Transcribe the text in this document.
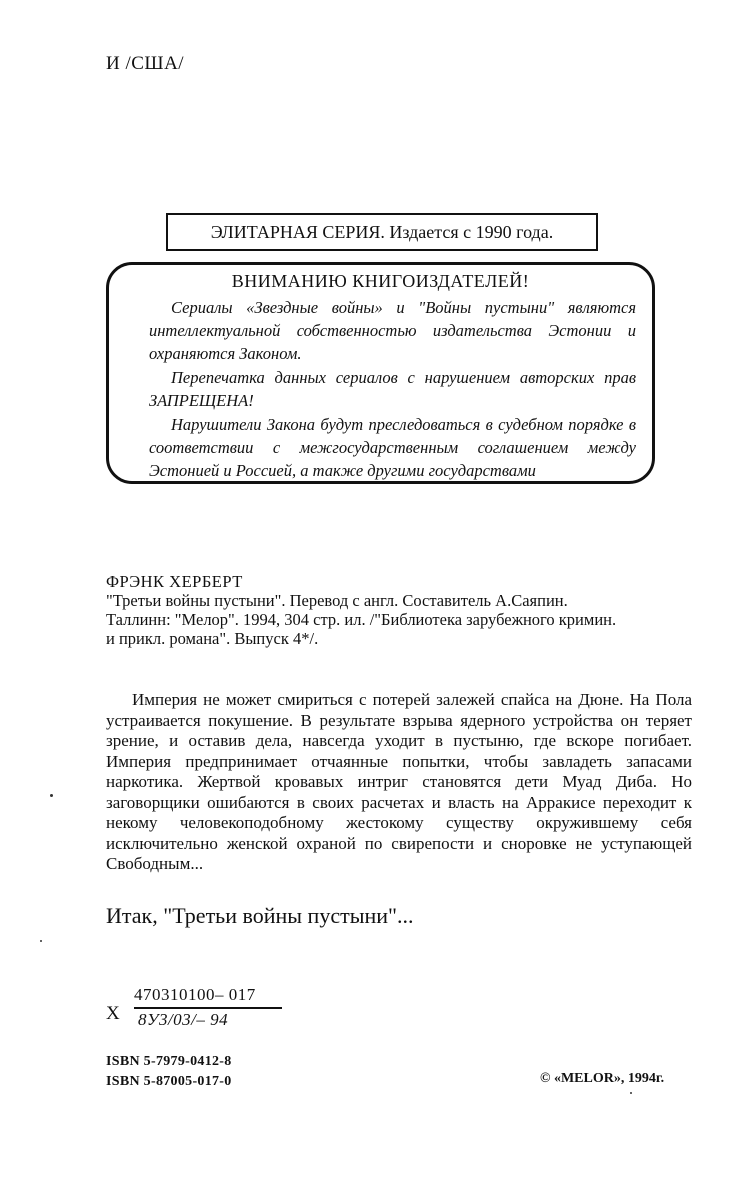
И /США/
ЭЛИТАРНАЯ СЕРИЯ. Издается с 1990 года.
ВНИМАНИЮ КНИГОИЗДАТЕЛЕЙ!

Сериалы «Звездные войны» и "Войны пустыни" являются интеллектуальной собственностью издательства Эстонии и охраняются Законом.

Перепечатка данных сериалов с нарушением авторских прав ЗАПРЕЩЕНА!

Нарушители Закона будут преследоваться в судебном порядке в соответствии с межгосударственным соглашением между Эстонией и Россией, а также другими государствами

ФРЭНК ХЕРБЕРТ
"Третьи войны пустыни". Перевод с англ. Составитель А.Саяпин.
Таллинн: "Мелор". 1994, 304 стр. ил. /"Библиотека зарубежного кримин.
и прикл. романа". Выпуск 4*/.

Империя не может смириться с потерей залежей спайса на Дюне. На Пола устраивается покушение. В результате взрыва ядерного устройства он теряет зрение, и оставив дела, навсегда уходит в пустыню, где вскоре погибает. Империя предпринимает отчаянные попытки, чтобы завладеть запасами наркотика. Жертвой кровавых интриг становятся дети Муад Диба. Но заговорщики ошибаются в своих расчетах и власть на Арракисе переходит к некому человекоподобному жестокому существу окружившему себя исключительно женской охраной по свирепости и сноровке не уступающей Свободным...

Итак, "Третьи войны пустыни"...
Х
470310100– 017
8У3/03/– 94
ISBN 5-7979-0412-8
ISBN 5-87005-017-0	© «MELOR», 1994г.
